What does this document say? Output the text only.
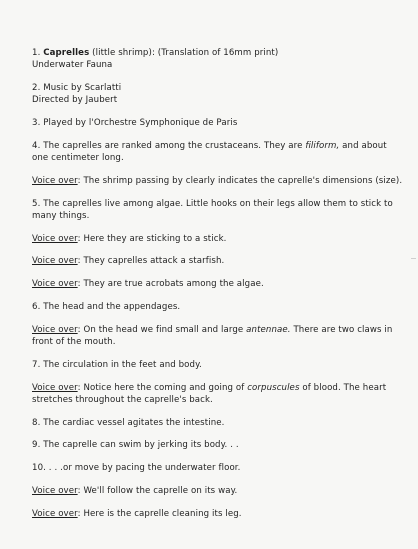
1. Caprelles (little shrimp): (Translation of 16mm print)
Underwater Fauna

2. Music by Scarlatti
Directed by Jaubert

3. Played by l'Orchestre Symphonique de Paris

4. The caprelles are ranked among the crustaceans. They are filiform, and about one centimeter long.

Voice over: The shrimp passing by clearly indicates the caprelle's dimensions (size).

5. The caprelles live among algae. Little hooks on their legs allow them to stick to many things.

Voice over: Here they are sticking to a stick.

Voice over: They caprelles attack a starfish.

Voice over: They are true acrobats among the algae.

6. The head and the appendages.

Voice over: On the head we find small and large antennae. There are two claws in front of the mouth.

7. The circulation in the feet and body.

Voice over: Notice here the coming and going of corpuscules of blood. The heart stretches throughout the caprelle's back.

8. The cardiac vessel agitates the intestine.

9. The caprelle can swim by jerking its body. . .

10. . . .or move by pacing the underwater floor.

Voice over: We'll follow the caprelle on its way.

Voice over: Here is the caprelle cleaning its leg.
